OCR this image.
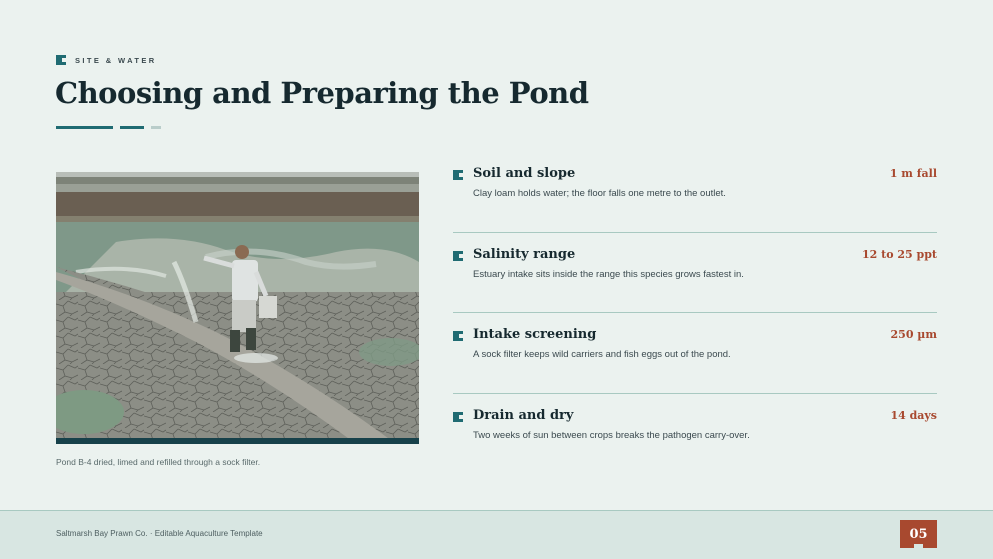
SITE & WATER
Choosing and Preparing the Pond
Pond B-4 dried, limed and refilled through a sock filter.
Soil and slope	1 m fall
Clay loam holds water; the floor falls one metre to the outlet.
Salinity range	12 to 25 ppt
Estuary intake sits inside the range this species grows fastest in.
Intake screening	250 µm
A sock filter keeps wild carriers and fish eggs out of the pond.
Drain and dry	14 days
Two weeks of sun between crops breaks the pathogen carry-over.
Saltmarsh Bay Prawn Co. · Editable Aquaculture Template	05
